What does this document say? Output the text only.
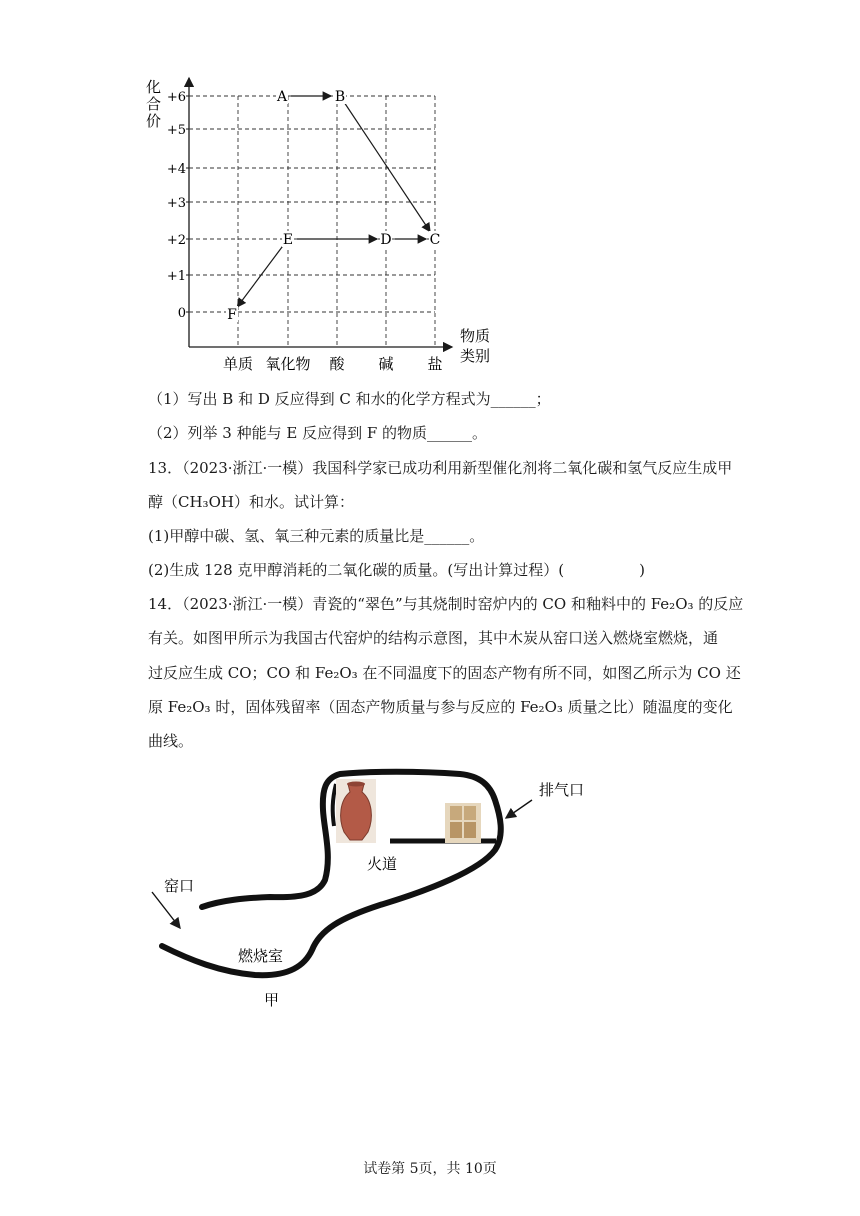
+6
+5
+4
+3
+2
+1
0
单质 氧化物 酸 碱 盐
A	B
C
D
E
F
化合价
物质类别
（1）写出 B 和 D 反应得到 C 和水的化学方程式为______；
（2）列举 3 种能与 E 反应得到 F 的物质______。
13．（2023·浙江·一模）我国科学家已成功利用新型催化剂将二氧化碳和氢气反应生成甲
醇（CH₃OH）和水。试计算：
(1)甲醇中碳、氢、氧三种元素的质量比是______。
(2)生成 128 克甲醇消耗的二氧化碳的质量。(写出计算过程）(　　　　　)
14．（2023·浙江·一模）青瓷的“翠色”与其烧制时窑炉内的 CO 和釉料中的 Fe₂O₃ 的反应
有关。如图甲所示为我国古代窑炉的结构示意图，其中木炭从窑口送入燃烧室燃烧，通
过反应生成 CO；CO 和 Fe₂O₃ 在不同温度下的固态产物有所不同，如图乙所示为 CO 还
原 Fe₂O₃ 时，固体残留率（固态产物质量与参与反应的 Fe₂O₃ 质量之比）随温度的变化
曲线。
排气口
火道
窑口
燃烧室
甲
试卷第 5页，共 10页
